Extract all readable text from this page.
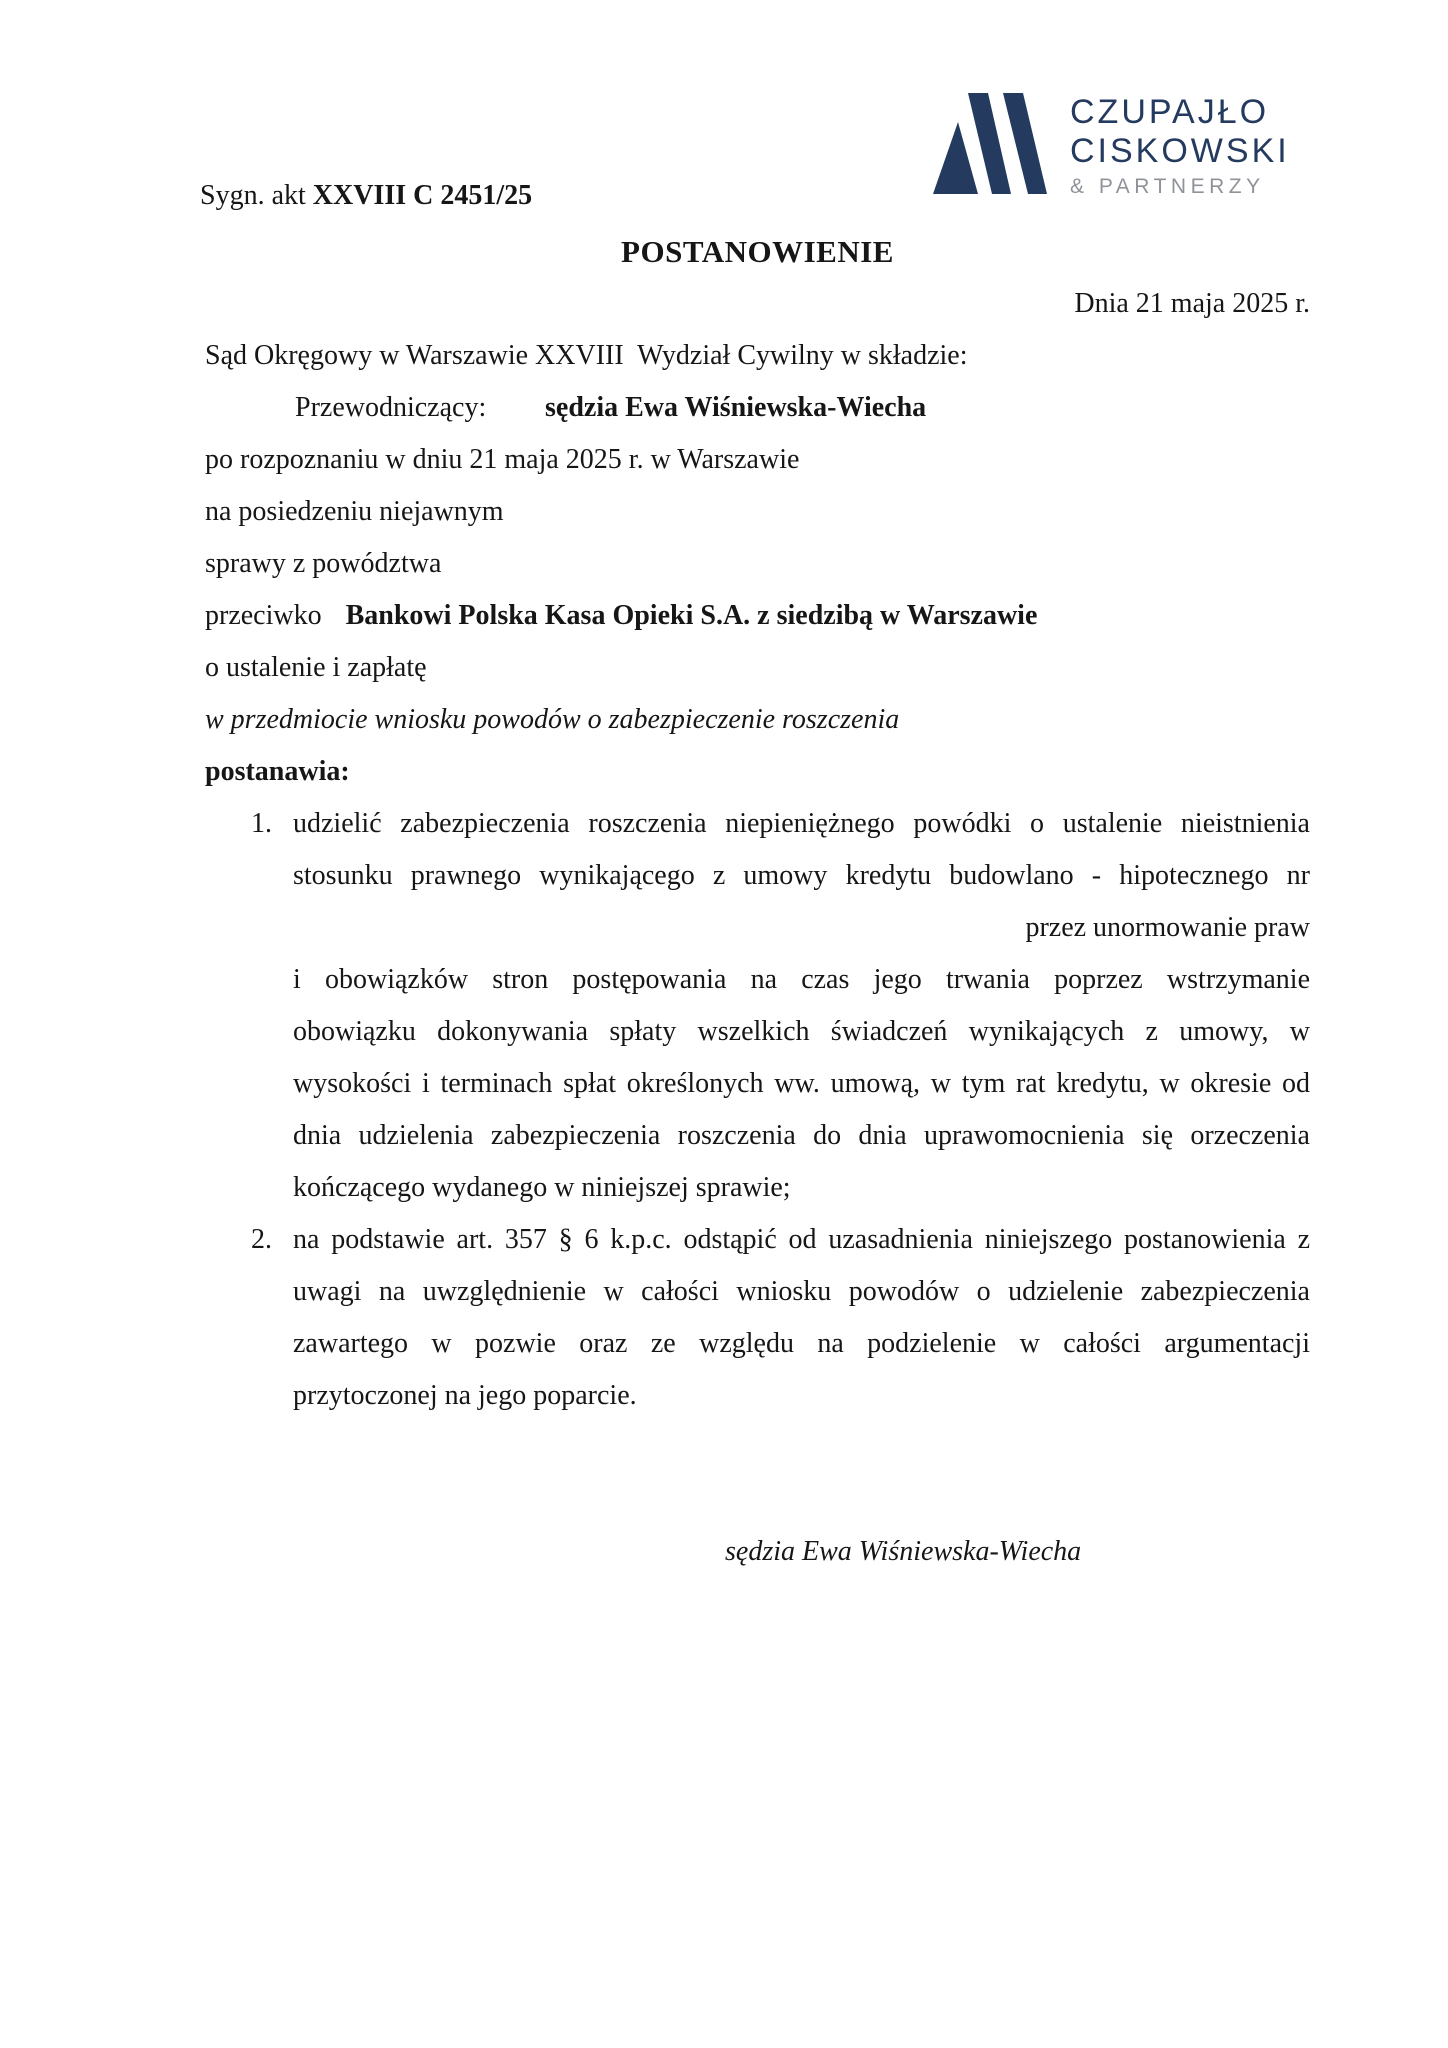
Sygn. akt XXVIII C 2451/25
CZUPAJŁO
CISKOWSKI
& PARTNERZY
POSTANOWIENIE
Dnia 21 maja 2025 r.
Sąd Okręgowy w Warszawie XXVIII  Wydział Cywilny w składzie:
Przewodniczący: sędzia Ewa Wiśniewska-Wiecha
po rozpoznaniu w dniu 21 maja 2025 r. w Warszawie
na posiedzeniu niejawnym
sprawy z powództwa
przeciwko Bankowi Polska Kasa Opieki S.A. z siedzibą w Warszawie
o ustalenie i zapłatę
w przedmiocie wniosku powodów o zabezpieczenie roszczenia
postanawia:
1. udzielić zabezpieczenia roszczenia niepieniężnego powódki o ustalenie nieistnienia
stosunku prawnego wynikającego z umowy kredytu budowlano - hipotecznego nr
przez unormowanie praw
i obowiązków stron postępowania na czas jego trwania poprzez wstrzymanie
obowiązku dokonywania spłaty wszelkich świadczeń wynikających z umowy, w
wysokości i terminach spłat określonych ww. umową, w tym rat kredytu, w okresie od
dnia udzielenia zabezpieczenia roszczenia do dnia uprawomocnienia się orzeczenia
kończącego wydanego w niniejszej sprawie;
2. na podstawie art. 357 § 6 k.p.c. odstąpić od uzasadnienia niniejszego postanowienia z
uwagi na uwzględnienie w całości wniosku powodów o udzielenie zabezpieczenia
zawartego w pozwie oraz ze względu na podzielenie w całości argumentacji
przytoczonej na jego poparcie.
sędzia Ewa Wiśniewska-Wiecha
